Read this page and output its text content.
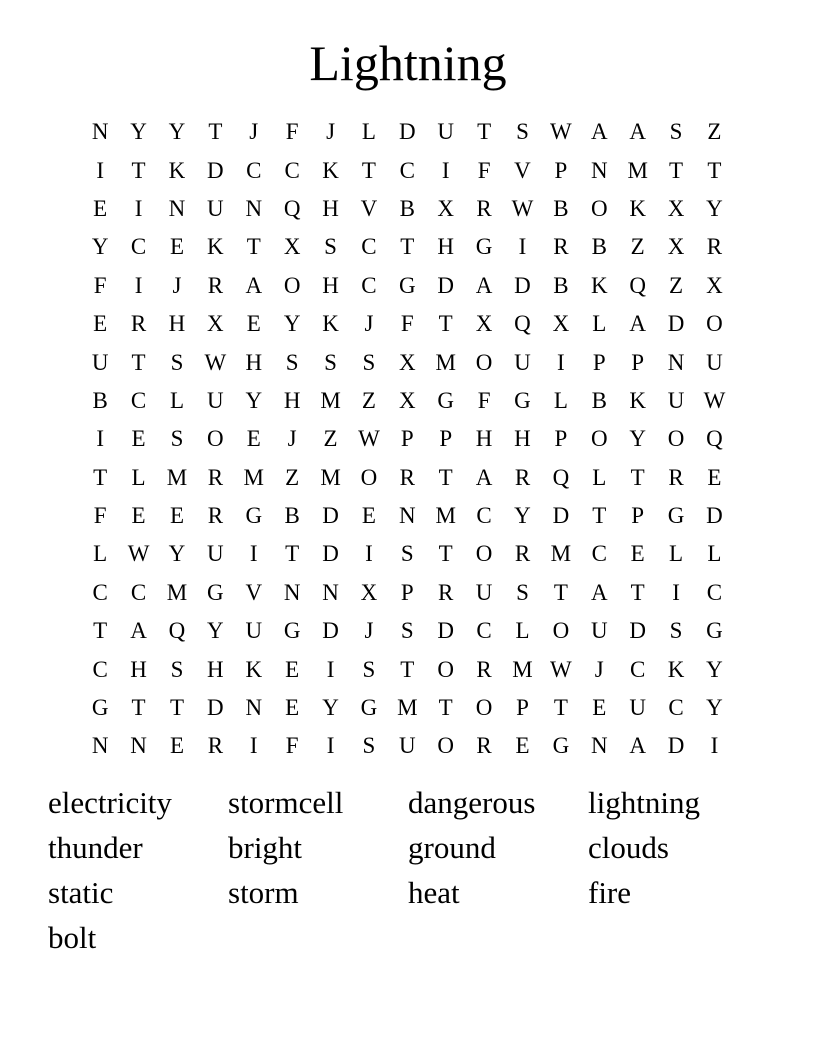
Lightning
N Y Y	T	J	F	J	L	D U	T	S W A A	S	Z
I	T	K D C	C K	T	C	I	F	V	P	N M T	T
E	I	N U N Q H V B X R W B O K X Y
Y C	E	K	T	X	S	C	T	H G	I	R	B	Z	X R
F	I	J	R A O H C G D A D B K Q	Z	X
E	R H X	E	Y K	J	F	T	X Q X	L	A D O
U	T	S W H	S	S	S	X M O U	I	P	P	N U
B	C	L	U Y H M Z	X G	F	G	L	B K U W
I	E	S	O	E	J	Z W P	P	H H	P	O Y O Q
T	L M R M Z M O R	T	A R Q	L	T	R	E
F	E	E	R G B D	E	N M C Y D	T	P	G D
L W Y U	I	T	D	I	S	T	O R M C	E	L	L
C	C M G V N N X	P	R U	S	T	A	T	I	C
T	A Q Y U G D	J	S	D C	L	O U D	S	G
C H	S	H K	E	I	S	T	O R M W	J	C K Y
G	T	T	D N	E	Y G M T	O	P	T	E	U C Y
N N	E	R	I	F	I	S	U O R	E	G N A D	I
electricity	stormcell	dangerous	lightning
thunder	bright	ground	clouds
static	storm	heat	fire
bolt
